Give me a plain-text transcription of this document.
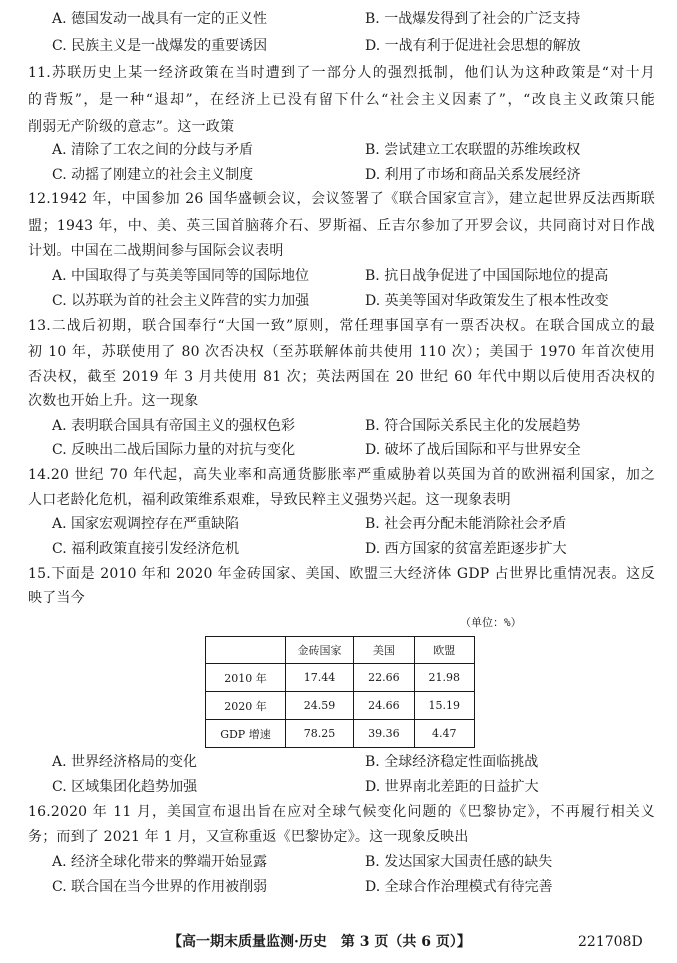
A. 德国发动一战具有一定的正义性	B. 一战爆发得到了社会的广泛支持
C. 民族主义是一战爆发的重要诱因	D. 一战有利于促进社会思想的解放
11.苏联历史上某一经济政策在当时遭到了一部分人的强烈抵制，他们认为这种政策是“对十月
的背叛”，是一种“退却”，在经济上已没有留下什么“社会主义因素了”，“改良主义政策只能
削弱无产阶级的意志”。这一政策
A. 清除了工农之间的分歧与矛盾	B. 尝试建立工农联盟的苏维埃政权
C. 动摇了刚建立的社会主义制度	D. 利用了市场和商品关系发展经济
12.1942 年，中国参加 26 国华盛顿会议，会议签署了《联合国家宣言》，建立起世界反法西斯联
盟；1943 年，中、美、英三国首脑蒋介石、罗斯福、丘吉尔参加了开罗会议，共同商讨对日作战
计划。中国在二战期间参与国际会议表明
A. 中国取得了与英美等国同等的国际地位	B. 抗日战争促进了中国国际地位的提高
C. 以苏联为首的社会主义阵营的实力加强	D. 英美等国对华政策发生了根本性改变
13.二战后初期，联合国奉行“大国一致”原则，常任理事国享有一票否决权。在联合国成立的最
初 10 年，苏联使用了 80 次否决权（至苏联解体前共使用 110 次）；美国于 1970 年首次使用
否决权，截至 2019 年 3 月共使用 81 次；英法两国在 20 世纪 60 年代中期以后使用否决权的
次数也开始上升。这一现象
A. 表明联合国具有帝国主义的强权色彩	B. 符合国际关系民主化的发展趋势
C. 反映出二战后国际力量的对抗与变化	D. 破坏了战后国际和平与世界安全
14.20 世纪 70 年代起，高失业率和高通货膨胀率严重威胁着以英国为首的欧洲福利国家，加之
人口老龄化危机，福利政策维系艰难，导致民粹主义强势兴起。这一现象表明
A. 国家宏观调控存在严重缺陷	B. 社会再分配未能消除社会矛盾
C. 福利政策直接引发经济危机	D. 西方国家的贫富差距逐步扩大
15.下面是 2010 年和 2020 年金砖国家、美国、欧盟三大经济体 GDP 占世界比重情况表。这反
映了当今
（单位：%）
	金砖国家	美国	欧盟
2010 年	17.44	22.66	21.98
2020 年	24.59	24.66	15.19
GDP 增速	78.25	39.36	4.47
A. 世界经济格局的变化	B. 全球经济稳定性面临挑战
C. 区域集团化趋势加强	D. 世界南北差距的日益扩大
16.2020 年 11 月，美国宣布退出旨在应对全球气候变化问题的《巴黎协定》，不再履行相关义
务；而到了 2021 年 1 月，又宣称重返《巴黎协定》。这一现象反映出
A. 经济全球化带来的弊端开始显露	B. 发达国家大国责任感的缺失
C. 联合国在当今世界的作用被削弱	D. 全球合作治理模式有待完善
【高一期末质量监测·历史　第 3 页（共 6 页）】	221708D
